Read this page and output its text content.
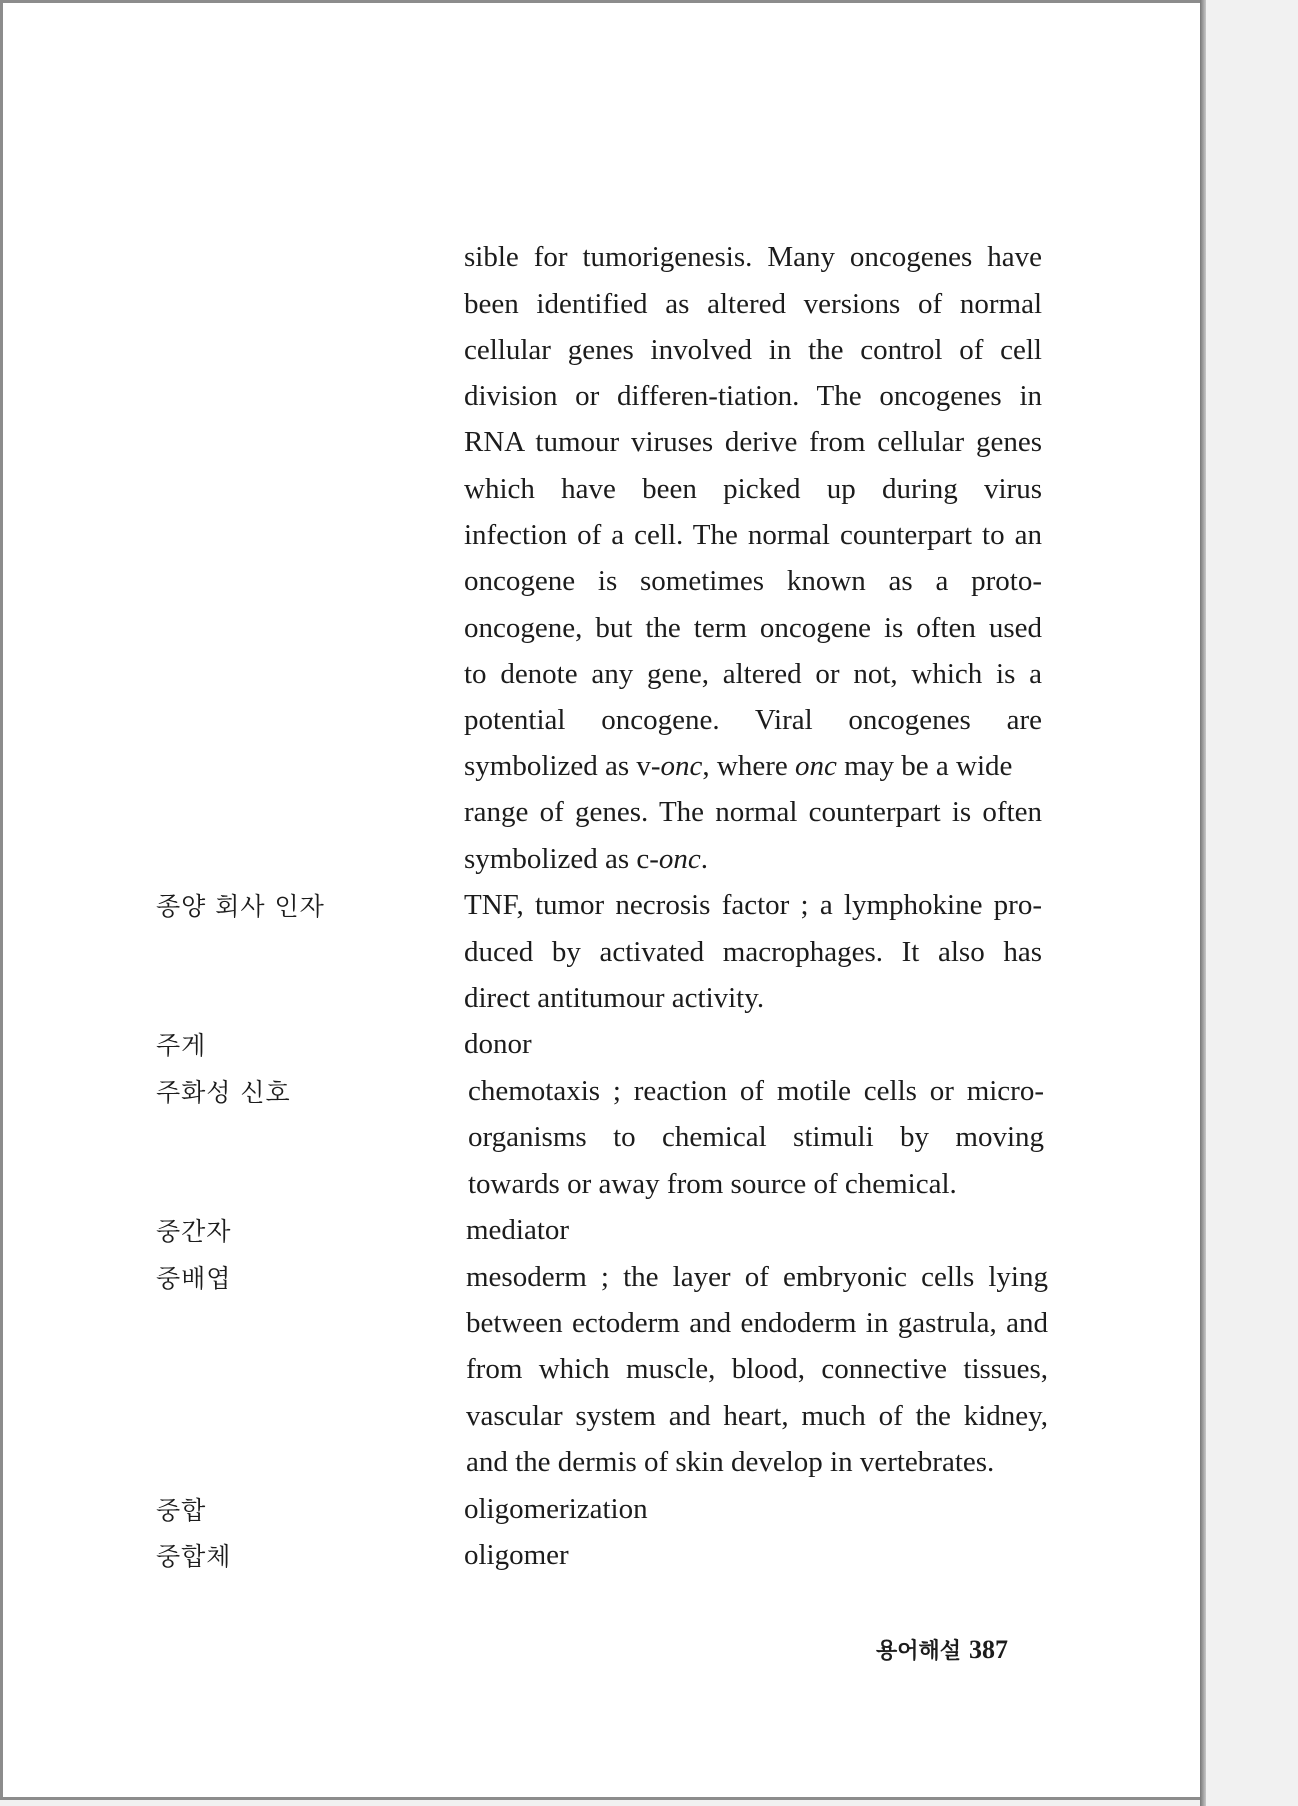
sible for tumorigenesis. Many oncogenes have
been identified as altered versions of normal
cellular genes involved in the control of cell
division or differen-tiation. The oncogenes in
RNA tumour viruses derive from cellular genes
which have been picked up during virus
infection of a cell. The normal counterpart to an
oncogene is sometimes known as a proto-
oncogene, but the term oncogene is often used
to denote any gene, altered or not, which is a
potential oncogene. Viral oncogenes are
symbolized as v-onc, where onc may be a wide
range of genes. The normal counterpart is often
symbolized as c-onc.
종양 회사 인자	TNF, tumor necrosis factor ; a lymphokine pro-
duced by activated macrophages. It also has
direct antitumour activity.
주게	donor
주화성 신호	chemotaxis ; reaction of motile cells or micro-
organisms to chemical stimuli by moving
towards or away from source of chemical.
중간자	mediator
중배엽	mesoderm ; the layer of embryonic cells lying
between ectoderm and endoderm in gastrula, and
from which muscle, blood, connective tissues,
vascular system and heart, much of the kidney,
and the dermis of skin develop in vertebrates.
중합	oligomerization
중합체	oligomer
용어해설 387
